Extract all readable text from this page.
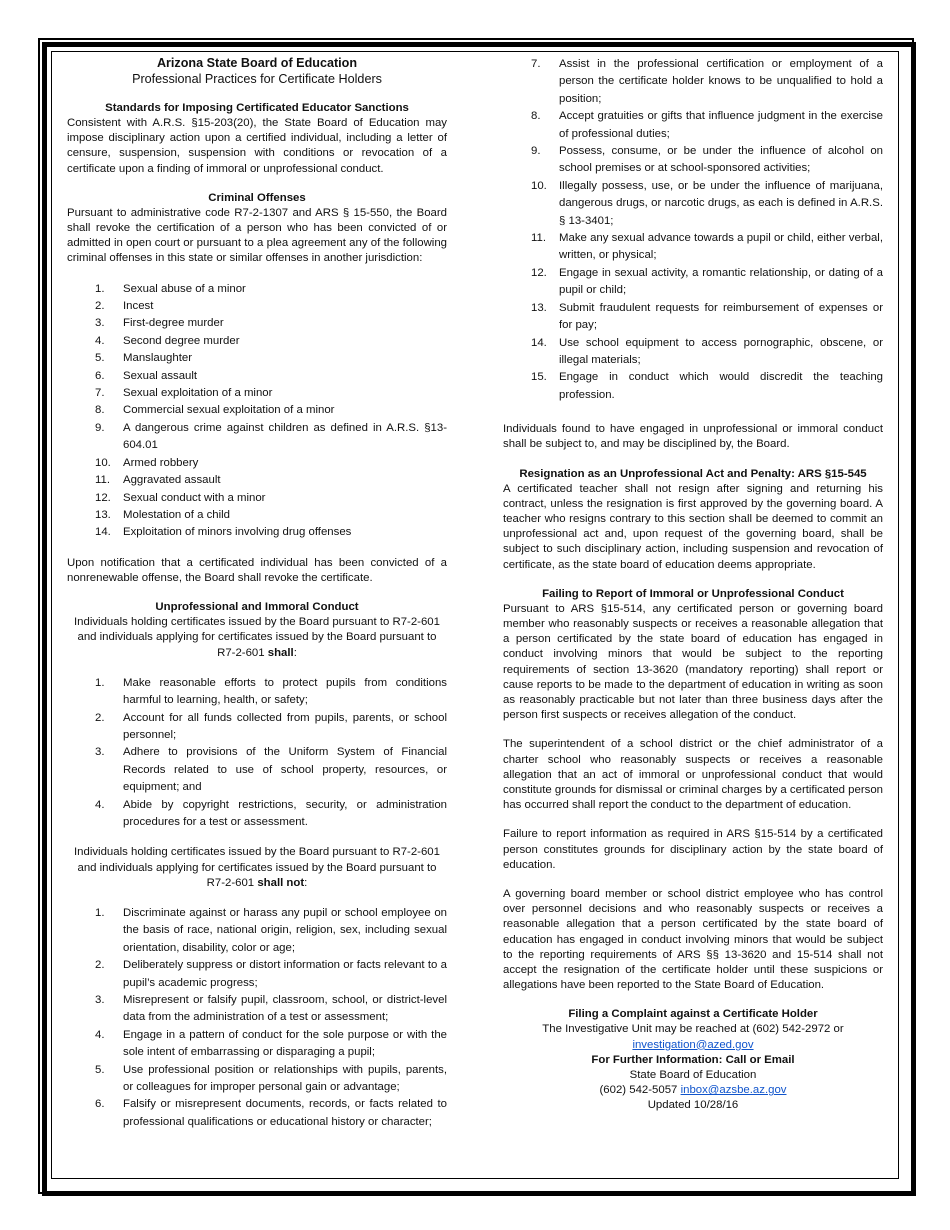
Arizona State Board of Education

Professional Practices for Certificate Holders

Standards for Imposing Certificated Educator Sanctions

Consistent with A.R.S. §15-203(20), the State Board of Education may impose disciplinary action upon a certified individual, including a letter of censure, suspension, suspension with conditions or revocation of a certificate upon a finding of immoral or unprofessional conduct.

Criminal Offenses

Pursuant to administrative code R7-2-1307 and ARS § 15-550, the Board shall revoke the certification of a person who has been convicted of or admitted in open court or pursuant to a plea agreement any of the following criminal offenses in this state or similar offenses in another jurisdiction:

1. Sexual abuse of a minor
2. Incest
3. First-degree murder
4. Second degree murder
5. Manslaughter
6. Sexual assault
7. Sexual exploitation of a minor
8. Commercial sexual exploitation of a minor
9. A dangerous crime against children as defined in A.R.S. §13-604.01
10. Armed robbery
11. Aggravated assault
12. Sexual conduct with a minor
13. Molestation of a child
14. Exploitation of minors involving drug offenses

Upon notification that a certificated individual has been convicted of a nonrenewable offense, the Board shall revoke the certificate.

Unprofessional and Immoral Conduct

Individuals holding certificates issued by the Board pursuant to R7-2-601 and individuals applying for certificates issued by the Board pursuant to R7-2-601 shall:

1. Make reasonable efforts to protect pupils from conditions harmful to learning, health, or safety;
2. Account for all funds collected from pupils, parents, or school personnel;
3. Adhere to provisions of the Uniform System of Financial Records related to use of school property, resources, or equipment; and
4. Abide by copyright restrictions, security, or administration procedures for a test or assessment.

Individuals holding certificates issued by the Board pursuant to R7-2-601 and individuals applying for certificates issued by the Board pursuant to R7-2-601 shall not:

1. Discriminate against or harass any pupil or school employee on the basis of race, national origin, religion, sex, including sexual orientation, disability, color or age;
2. Deliberately suppress or distort information or facts relevant to a pupil’s academic progress;
3. Misrepresent or falsify pupil, classroom, school, or district-level data from the administration of a test or assessment;
4. Engage in a pattern of conduct for the sole purpose or with the sole intent of embarrassing or disparaging a pupil;
5. Use professional position or relationships with pupils, parents, or colleagues for improper personal gain or advantage;
6. Falsify or misrepresent documents, records, or facts related to professional qualifications or educational history or character;
7. Assist in the professional certification or employment of a person the certificate holder knows to be unqualified to hold a position;
8. Accept gratuities or gifts that influence judgment in the exercise of professional duties;
9. Possess, consume, or be under the influence of alcohol on school premises or at school-sponsored activities;
10. Illegally possess, use, or be under the influence of marijuana, dangerous drugs, or narcotic drugs, as each is defined in A.R.S. § 13-3401;
11. Make any sexual advance towards a pupil or child, either verbal, written, or physical;
12. Engage in sexual activity, a romantic relationship, or dating of a pupil or child;
13. Submit fraudulent requests for reimbursement of expenses or for pay;
14. Use school equipment to access pornographic, obscene, or illegal materials;
15. Engage in conduct which would discredit the teaching profession.

Individuals found to have engaged in unprofessional or immoral conduct shall be subject to, and may be disciplined by, the Board.

Resignation as an Unprofessional Act and Penalty: ARS §15-545

A certificated teacher shall not resign after signing and returning his contract, unless the resignation is first approved by the governing board. A teacher who resigns contrary to this section shall be deemed to commit an unprofessional act and, upon request of the governing board, shall be subject to such disciplinary action, including suspension and revocation of certificate, as the state board of education deems appropriate.

Failing to Report of Immoral or Unprofessional Conduct

Pursuant to ARS §15-514, any certificated person or governing board member who reasonably suspects or receives a reasonable allegation that a person certificated by the state board of education has engaged in conduct involving minors that would be subject to the reporting requirements of section 13-3620 (mandatory reporting) shall report or cause reports to be made to the department of education in writing as soon as reasonably practicable but not later than three business days after the person first suspects or receives allegation of the conduct.

The superintendent of a school district or the chief administrator of a charter school who reasonably suspects or receives a reasonable allegation that an act of immoral or unprofessional conduct that would constitute grounds for dismissal or criminal charges by a certificated person has occurred shall report the conduct to the department of education.

Failure to report information as required in ARS §15-514 by a certificated person constitutes grounds for disciplinary action by the state board of education.

A governing board member or school district employee who has control over personnel decisions and who reasonably suspects or receives a reasonable allegation that a person certificated by the state board of education has engaged in conduct involving minors that would be subject to the reporting requirements of ARS §§ 13-3620 and 15-514 shall not accept the resignation of the certificate holder until these suspicions or allegations have been reported to the State Board of Education.

Filing a Complaint against a Certificate Holder

The Investigative Unit may be reached at (602) 542-2972 or

investigation@azed.gov

For Further Information: Call or Email

State Board of Education

(602) 542-5057 inbox@azsbe.az.gov

Updated 10/28/16
